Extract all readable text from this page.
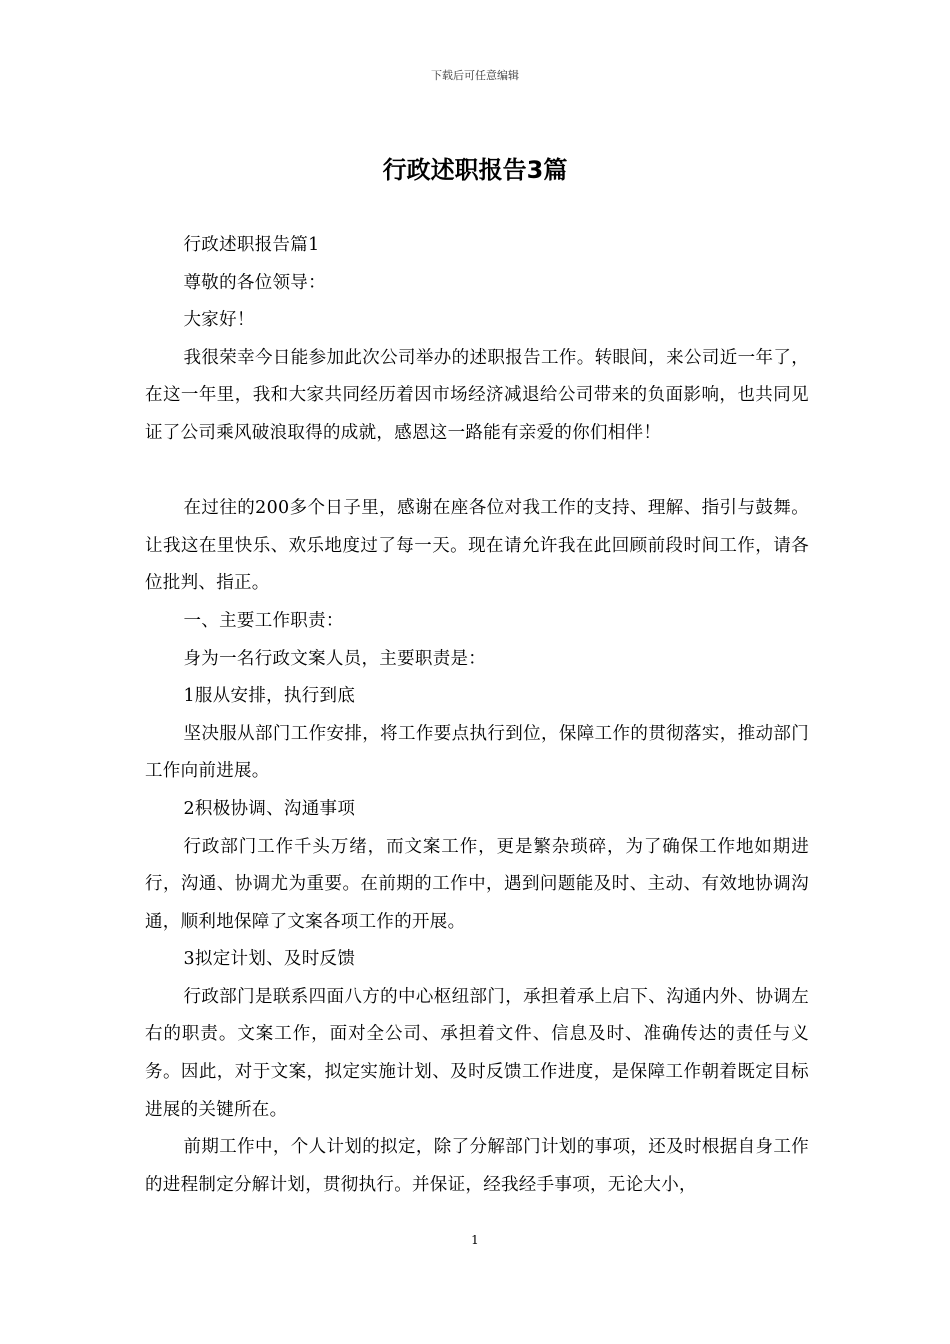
下载后可任意编辑
行政述职报告3篇

行政述职报告篇1

尊敬的各位领导：

大家好！

我很荣幸今日能参加此次公司举办的述职报告工作。转眼间，来公司近一年了，在这一年里，我和大家共同经历着因市场经济减退给公司带来的负面影响，也共同见证了公司乘风破浪取得的成就，感恩这一路能有亲爱的你们相伴！

在过往的200多个日子里，感谢在座各位对我工作的支持、理解、指引与鼓舞。让我这在里快乐、欢乐地度过了每一天。现在请允许我在此回顾前段时间工作，请各位批判、指正。

一、主要工作职责：

身为一名行政文案人员，主要职责是：

1服从安排，执行到底

坚决服从部门工作安排，将工作要点执行到位，保障工作的贯彻落实，推动部门工作向前进展。

2积极协调、沟通事项

行政部门工作千头万绪，而文案工作，更是繁杂琐碎，为了确保工作地如期进行，沟通、协调尤为重要。在前期的工作中，遇到问题能及时、主动、有效地协调沟通，顺利地保障了文案各项工作的开展。

3拟定计划、及时反馈

行政部门是联系四面八方的中心枢纽部门，承担着承上启下、沟通内外、协调左右的职责。文案工作，面对全公司、承担着文件、信息及时、准确传达的责任与义务。因此，对于文案，拟定实施计划、及时反馈工作进度，是保障工作朝着既定目标进展的关键所在。

前期工作中，个人计划的拟定，除了分解部门计划的事项，还及时根据自身工作的进程制定分解计划，贯彻执行。并保证，经我经手事项，无论大小，

1
